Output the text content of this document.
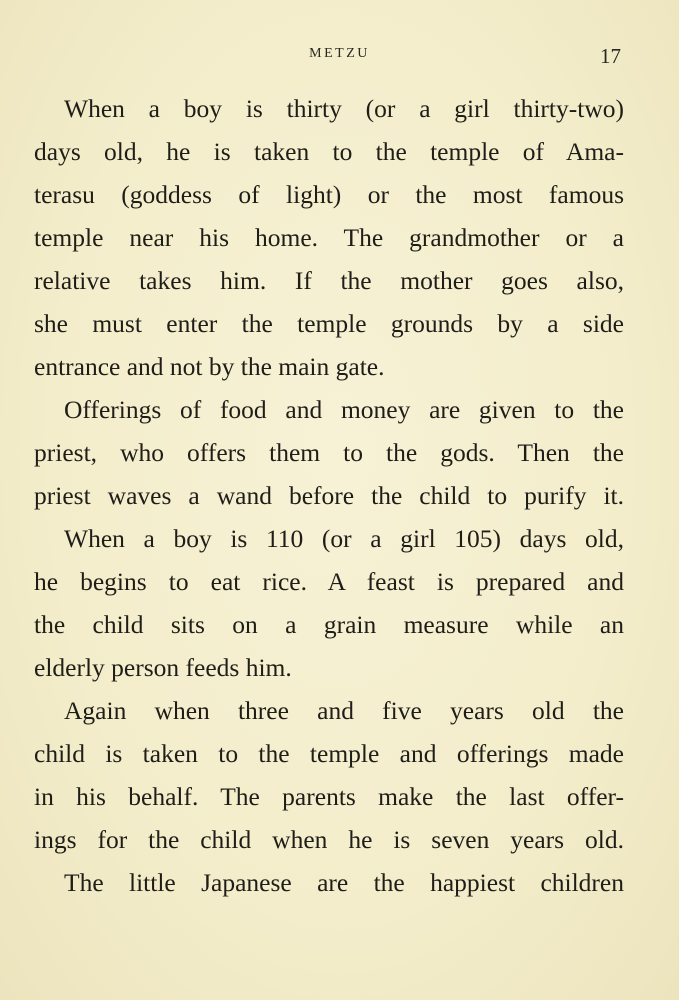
METZU	17
When a boy is thirty (or a girl thirty-two)
days old, he is taken to the temple of Ama-
terasu (goddess of light) or the most famous
temple near his home. The grandmother or a
relative takes him. If the mother goes also,
she must enter the temple grounds by a side
entrance and not by the main gate.
Offerings of food and money are given to the
priest, who offers them to the gods. Then the
priest waves a wand before the child to purify it.
When a boy is 110 (or a girl 105) days old,
he begins to eat rice. A feast is prepared and
the child sits on a grain measure while an
elderly person feeds him.
Again when three and five years old the
child is taken to the temple and offerings made
in his behalf. The parents make the last offer-
ings for the child when he is seven years old.
The little Japanese are the happiest children
